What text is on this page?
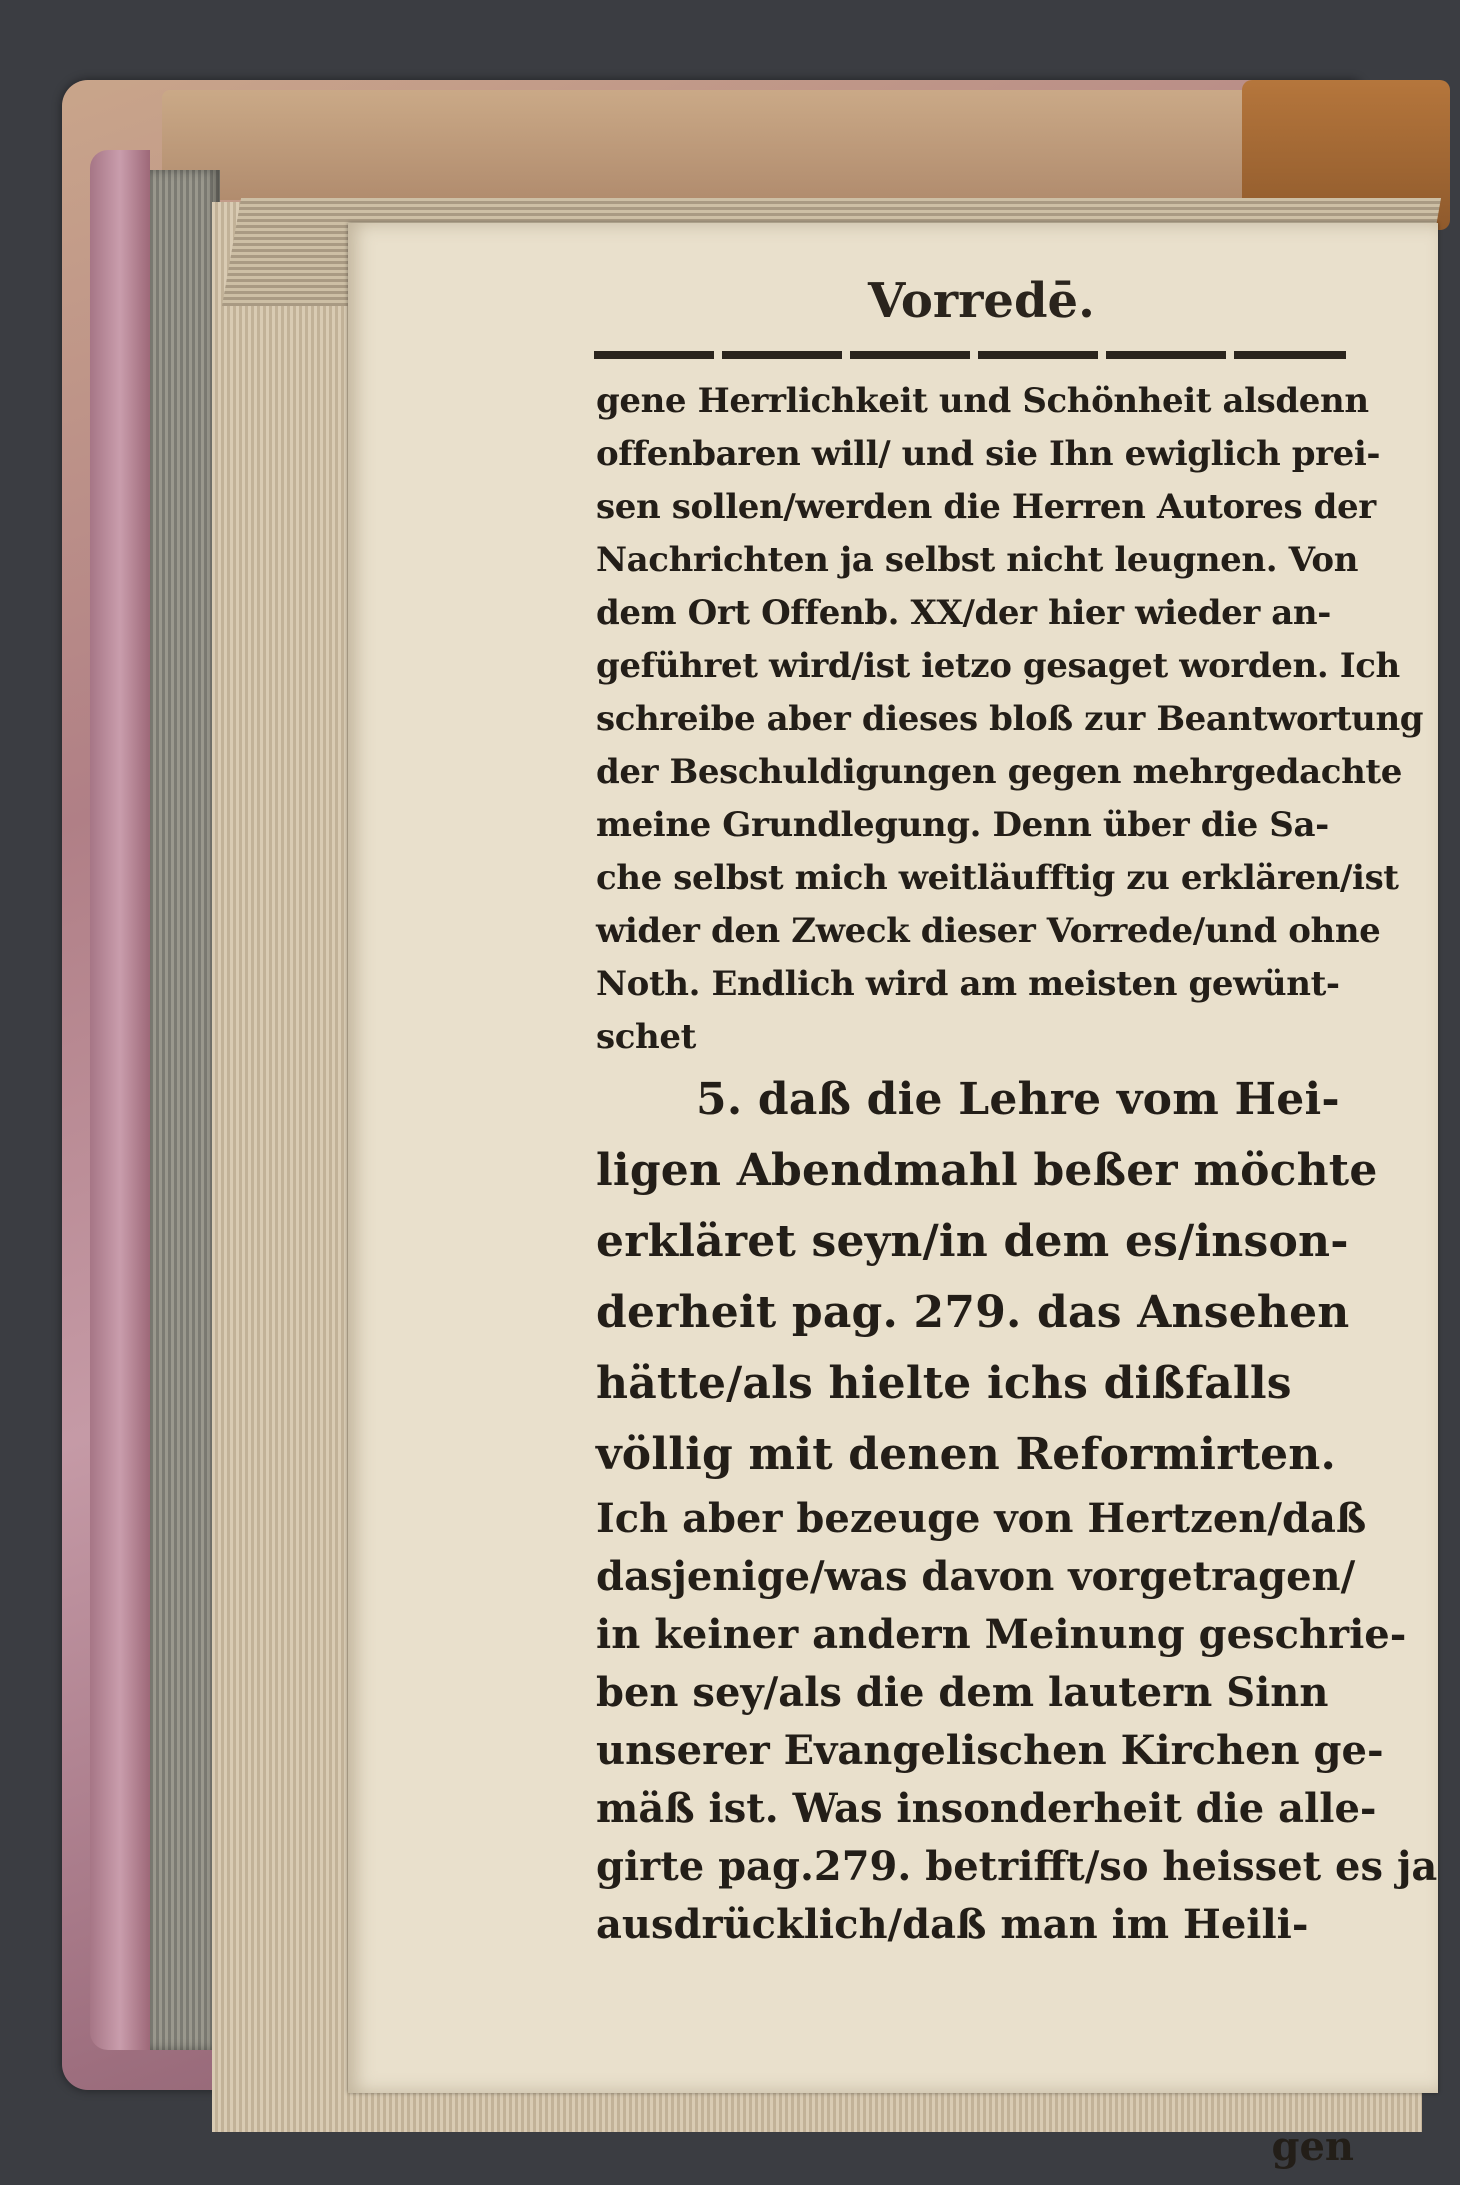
Vorredē.
gene Herrlichkeit und Schönheit alsdenn
offenbaren will/ und sie Ihn ewiglich prei-
sen sollen/werden die Herren Autores der
Nachrichten ja selbst nicht leugnen. Von
dem Ort Offenb. XX/der hier wieder an-
geführet wird/ist ietzo gesaget worden. Ich
schreibe aber dieses bloß zur Beantwortung
der Beschuldigungen gegen mehrgedachte
meine Grundlegung. Denn über die Sa-
che selbst mich weitläufftig zu erklären/ist
wider den Zweck dieser Vorrede/und ohne
Noth. Endlich wird am meisten gewünt-
schet
5. daß die Lehre vom Hei-
ligen Abendmahl beßer möchte
erkläret seyn/in dem es/inson-
derheit pag. 279. das Ansehen
hätte/als hielte ichs dißfalls
völlig mit denen Reformirten.
Ich aber bezeuge von Hertzen/daß
dasjenige/was davon vorgetragen/
in keiner andern Meinung geschrie-
ben sey/als die dem lautern Sinn
unserer Evangelischen Kirchen ge-
mäß ist. Was insonderheit die alle-
girte pag.279. betrifft/so heisset es ja
ausdrücklich/daß man im Heili-
gen
